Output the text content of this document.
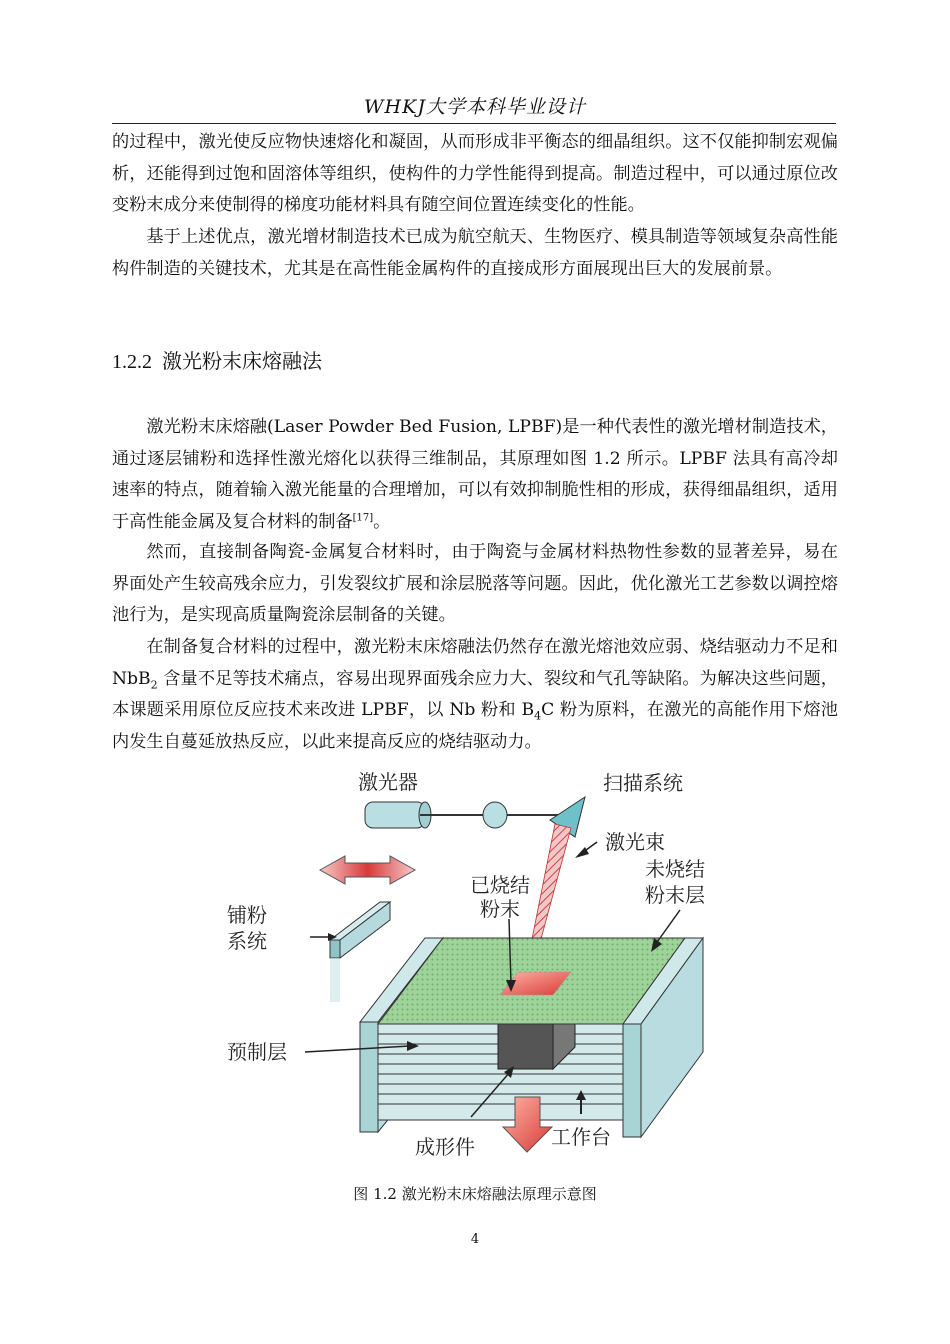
WHKJ大学本科毕业设计

的过程中，激光使反应物快速熔化和凝固，从而形成非平衡态的细晶组织。这不仅能抑制宏观偏析，还能得到过饱和固溶体等组织，使构件的力学性能得到提高。制造过程中，可以通过原位改变粉末成分来使制得的梯度功能材料具有随空间位置连续变化的性能。

基于上述优点，激光增材制造技术已成为航空航天、生物医疗、模具制造等领域复杂高性能构件制造的关键技术，尤其是在高性能金属构件的直接成形方面展现出巨大的发展前景。

1.2.2 激光粉末床熔融法

激光粉末床熔融(Laser Powder Bed Fusion, LPBF)是一种代表性的激光增材制造技术，通过逐层铺粉和选择性激光熔化以获得三维制品，其原理如图 1.2 所示。LPBF 法具有高冷却速率的特点，随着输入激光能量的合理增加，可以有效抑制脆性相的形成，获得细晶组织，适用于高性能金属及复合材料的制备[17]。

然而，直接制备陶瓷-金属复合材料时，由于陶瓷与金属材料热物性参数的显著差异，易在界面处产生较高残余应力，引发裂纹扩展和涂层脱落等问题。因此，优化激光工艺参数以调控熔池行为，是实现高质量陶瓷涂层制备的关键。

在制备复合材料的过程中，激光粉末床熔融法仍然存在激光熔池效应弱、烧结驱动力不足和 NbB$_2$ 含量不足等技术痛点，容易出现界面残余应力大、裂纹和气孔等缺陷。为解决这些问题，本课题采用原位反应技术来改进 LPBF，以 Nb 粉和 $B_4C$ 粉为原料，在激光的高能作用下熔池内发生自蔓延放热反应，以此来提高反应的烧结驱动力。

激光器	扫描系统
激光束
已烧结
粉末
未烧结
粉末层
铺粉
系统
预制层
成形件	工作台
图 1.2 激光粉末床熔融法原理示意图
4
